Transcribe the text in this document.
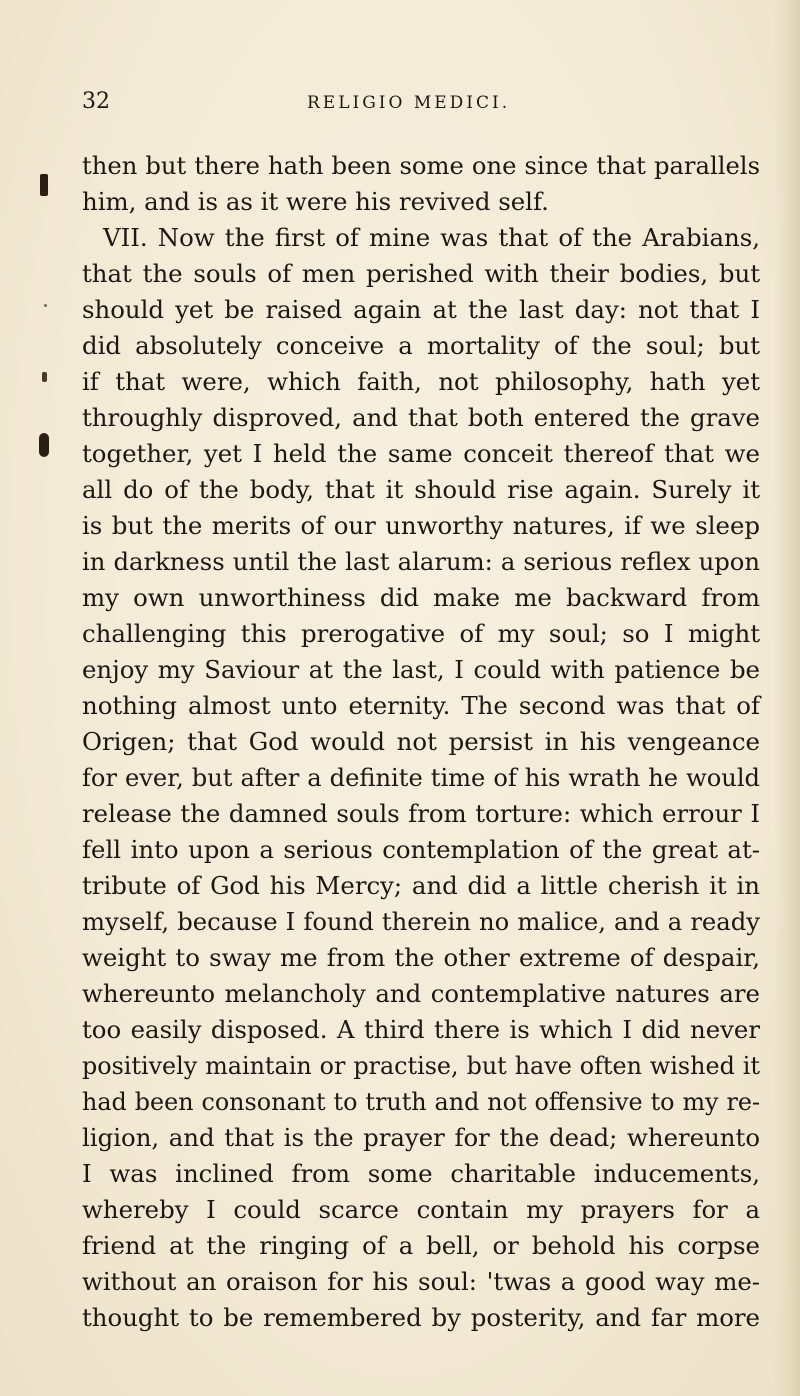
32	RELIGIO MEDICI.
then but there hath been some one since that parallels
him, and is as it were his revived self.
VII. Now the first of mine was that of the Arabians,
that the souls of men perished with their bodies, but
should yet be raised again at the last day: not that I
did absolutely conceive a mortality of the soul; but
if that were, which faith, not philosophy, hath yet
throughly disproved, and that both entered the grave
together, yet I held the same conceit thereof that we
all do of the body, that it should rise again. Surely it
is but the merits of our unworthy natures, if we sleep
in darkness until the last alarum: a serious reflex upon
my own unworthiness did make me backward from
challenging this prerogative of my soul; so I might
enjoy my Saviour at the last, I could with patience be
nothing almost unto eternity. The second was that of
Origen; that God would not persist in his vengeance
for ever, but after a definite time of his wrath he would
release the damned souls from torture: which errour I
fell into upon a serious contemplation of the great at-
tribute of God his Mercy; and did a little cherish it in
myself, because I found therein no malice, and a ready
weight to sway me from the other extreme of despair,
whereunto melancholy and contemplative natures are
too easily disposed. A third there is which I did never
positively maintain or practise, but have often wished it
had been consonant to truth and not offensive to my re-
ligion, and that is the prayer for the dead; whereunto
I was inclined from some charitable inducements,
whereby I could scarce contain my prayers for a
friend at the ringing of a bell, or behold his corpse
without an oraison for his soul: 'twas a good way me-
thought to be remembered by posterity, and far more
